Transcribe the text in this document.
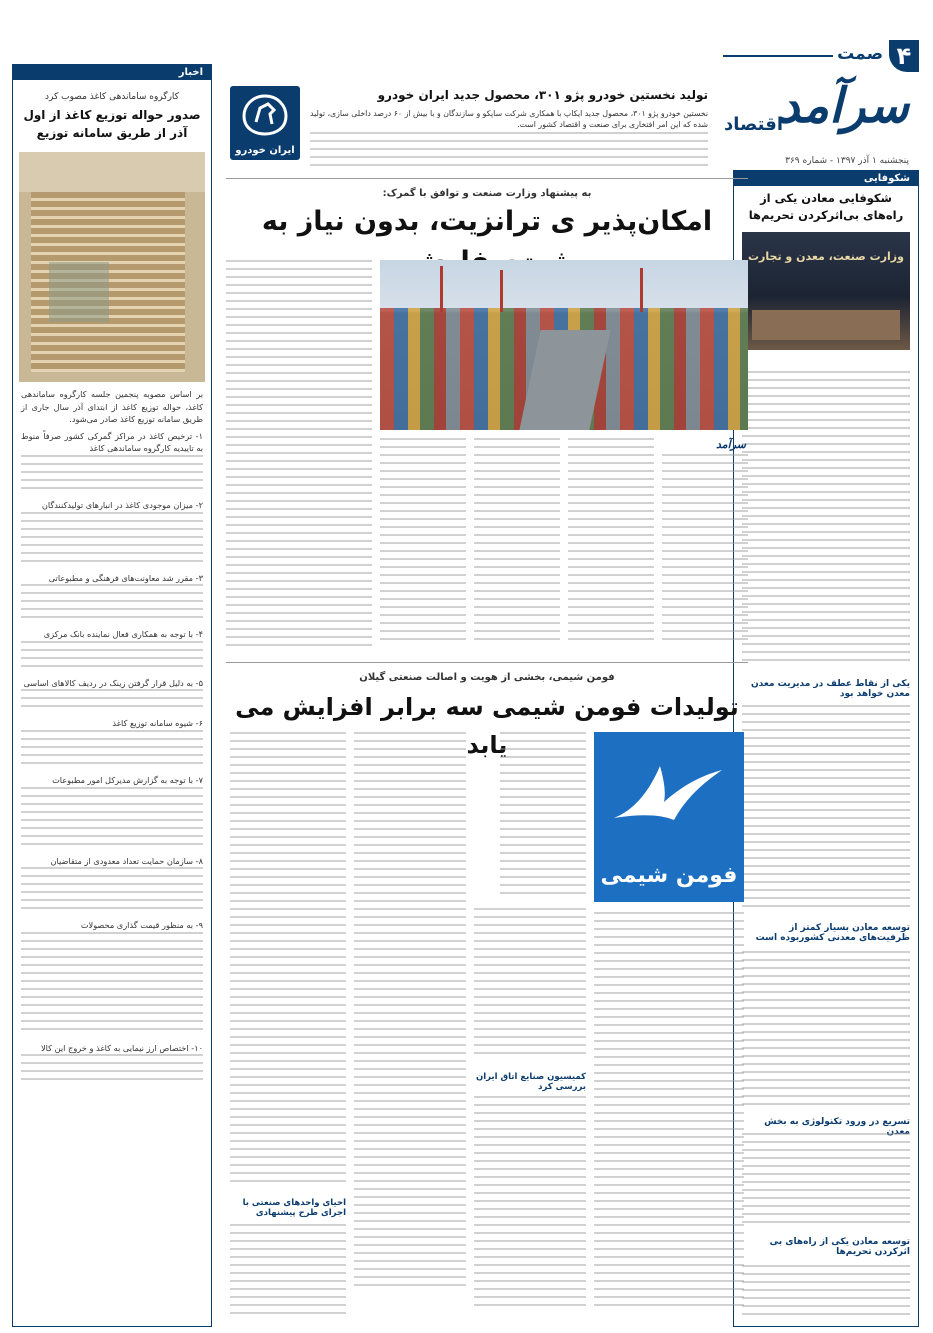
۴
صمت
سرآمد
اقتصاد
پنجشنبه ۱ آذر ۱۳۹۷ - شماره ۳۶۹
شکوفایی
شکوفایی معادن یکی از راه‌های بی‌اثرکردن تحریم‌ها
وزارت صنعت، معدن و تجارت
یکی از نقاط عطف در مدیریت معدن معدن خواهد بود
توسعه معادن بسیار کمتر از ظرفیت‌های معدنی کشوربوده است
تسریع در ورود تکنولوژی به بخش معدن
توسعه معادن یکی از راه‌های بی اثرکردن تحریم‌ها
اخبار
کارگروه ساماندهی کاغذ مصوب کرد
صدور حواله توزیع کاغذ از اول آذر از طریق سامانه توزیع
بر اساس مصوبه پنجمین جلسه کارگروه ساماندهی کاغذ، حواله توزیع کاغذ از ابتدای آذر سال جاری از طریق سامانه توزیع کاغذ صادر می‌شود.
۱- ترخیص کاغذ در مراکز گمرکی کشور صرفاً منوط به تاییدیه کارگروه ساماندهی کاغذ
۲- میزان موجودی کاغذ در انبارهای تولیدکنندگان
۳- مقرر شد معاونت‌های فرهنگی و مطبوعاتی
۴- با توجه به همکاری فعال نماینده بانک مرکزی
۵- به دلیل قرار گرفتن زینک در ردیف کالاهای اساسی
۶- شیوه سامانه توزیع کاغذ
۷- با توجه به گزارش مدیرکل امور مطبوعات
۸- سازمان حمایت تعداد معدودی از متقاضیان
۹- به منظور قیمت گذاری محصولات
۱۰- اختصاص ارز نیمایی به کاغذ و خروج این کالا
ایران خودرو
تولید نخستین خودرو پژو ۳۰۱، محصول جدید ایران خودرو
نخستین خودرو پژو ۳۰۱، محصول جدید ایکاپ با همکاری شرکت ساپکو و سازندگان و با بیش از ۶۰ درصد داخلی سازی، تولید شده که این امر افتخاری برای صنعت و اقتصاد کشور است.
به پیشنهاد وزارت صنعت و توافق با گمرک:
امکان‌پذیر ی ترانزیت، بدون نیاز به
سرآمد
فومن شیمی، بخشی از هویت و اصالت صنعتی گیلان
تولیدات فومن شیمی سه برابر افزایش می یابد
فومن شیمی
کمیسیون صنایع اتاق ایران بررسی کرد
احیای واحدهای صنعتی با اجرای طرح پیشنهادی
